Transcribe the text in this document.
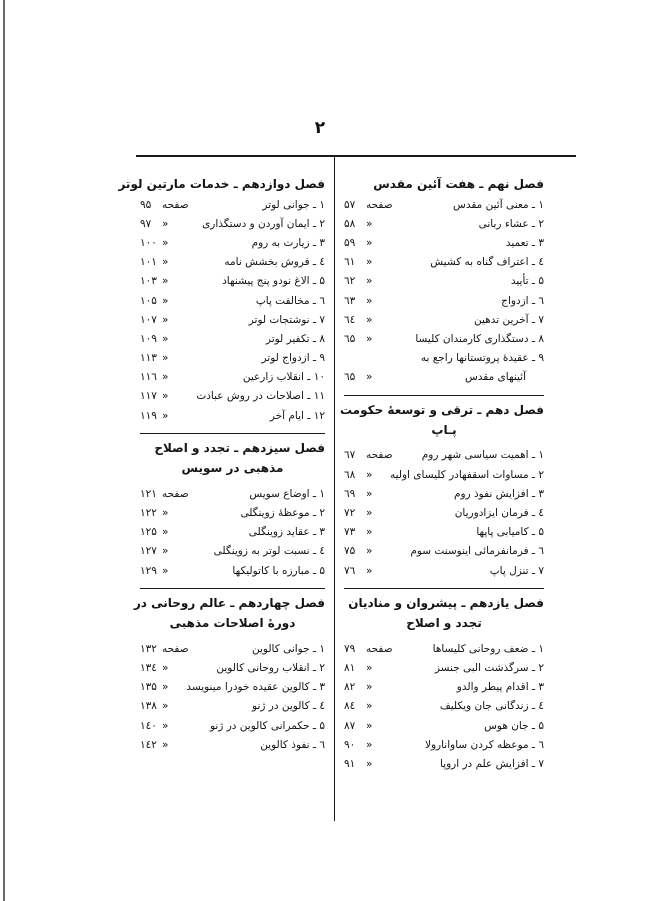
۲
فصل نهم ـ هفت آئین مقدس
۱ ـ معنی آئین مقدس
صفحه
۵۷
۲ ـ عشاء ربانی
«
۵۸
۳ ـ تعمید
«
۵۹
٤ ـ اعتراف گناه به کشیش
«
٦۱
۵ ـ تأیید
«
٦۲
٦ ـ ازدواج
«
٦۳
۷ ـ آخرین تدهین
«
٦٤
۸ ـ دستگذاری کارمندان کلیسا
«
٦۵
۹ ـ عقیدهٔ پروتستانها راجع به
آئینهای مقدس
«
٦۵
فصل دهم ـ ترقی و توسعهٔ حکومت
پـاپ
۱ ـ اهمیت سیاسی شهر روم
صفحه
٦۷
۲ ـ مساوات اسقفهادر کلیسای اولیه
«
٦۸
۳ ـ افزایش نفوذ روم
«
٦۹
٤ ـ فرمان ایزادوریان
«
۷۲
۵ ـ کامیابی پاپها
«
۷۳
٦ ـ فرمانفرمائی اینوسنت سوم
«
۷۵
۷ ـ تنزل پاپ
«
۷٦
فصل یازدهم ـ پیشروان و منادیان
تجدد و اصلاح
۱ ـ ضعف روحانی کلیساها
صفحه
۷۹
۲ ـ سرگذشت البی جنسز
«
۸۱
۳ ـ اقدام پیطر والدو
«
۸۲
٤ ـ زندگانی جان ویکلیف
«
۸٤
۵ ـ جان هوس
«
۸۷
٦ ـ موعظه کردن ساوانارولا
«
۹۰
۷ ـ افزایش علم در اروپا
«
۹۱
فصل دوازدهم ـ خدمات مارتین لوتر
۱ ـ جوانی لوتر
صفحه
۹۵
۲ ـ ایمان آوردن و دستگذاری
«
۹۷
۳ ـ زیارت به روم
«
۱۰۰
٤ ـ فروش بخشش نامه
«
۱۰۱
۵ ـ الاغ نودو پنج پیشنهاد
«
۱۰۳
٦ ـ مخالفت پاپ
«
۱۰۵
۷ ـ نوشتجات لوتر
«
۱۰۷
۸ ـ تکفیر لوتر
«
۱۰۹
۹ ـ ازدواج لوتر
«
۱۱۳
۱۰ ـ انقلاب زارعین
«
۱۱٦
۱۱ ـ اصلاحات در روش عبادت
«
۱۱۷
۱۲ ـ ایام آخر
«
۱۱۹
فصل سیزدهم ـ تجدد و اصلاح
مذهبی در سویس
۱ ـ اوضاع سویس
صفحه
۱۲۱
۲ ـ موعظهٔ زوینگلی
«
۱۲۲
۳ ـ عقاید زوینگلی
«
۱۲۵
٤ ـ نسبت لوتر به زوینگلی
«
۱۲۷
۵ ـ مبارزه با کاتولیکها
«
۱۲۹
فصل چهاردهم ـ عالم روحانی در
دورهٔ اصلاحات مذهبی
۱ ـ جوانی کالوین
صفحه
۱۳۲
۲ ـ انقلاب روحانی کالوین
«
۱۳٤
۳ ـ کالوین عقیده خودرا مینویسد
«
۱۳۵
٤ ـ کالوین در ژنو
«
۱۳۸
۵ ـ حکمرانی کالوین در ژنو
«
۱٤۰
٦ ـ نفوذ کالوین
«
۱٤۲
